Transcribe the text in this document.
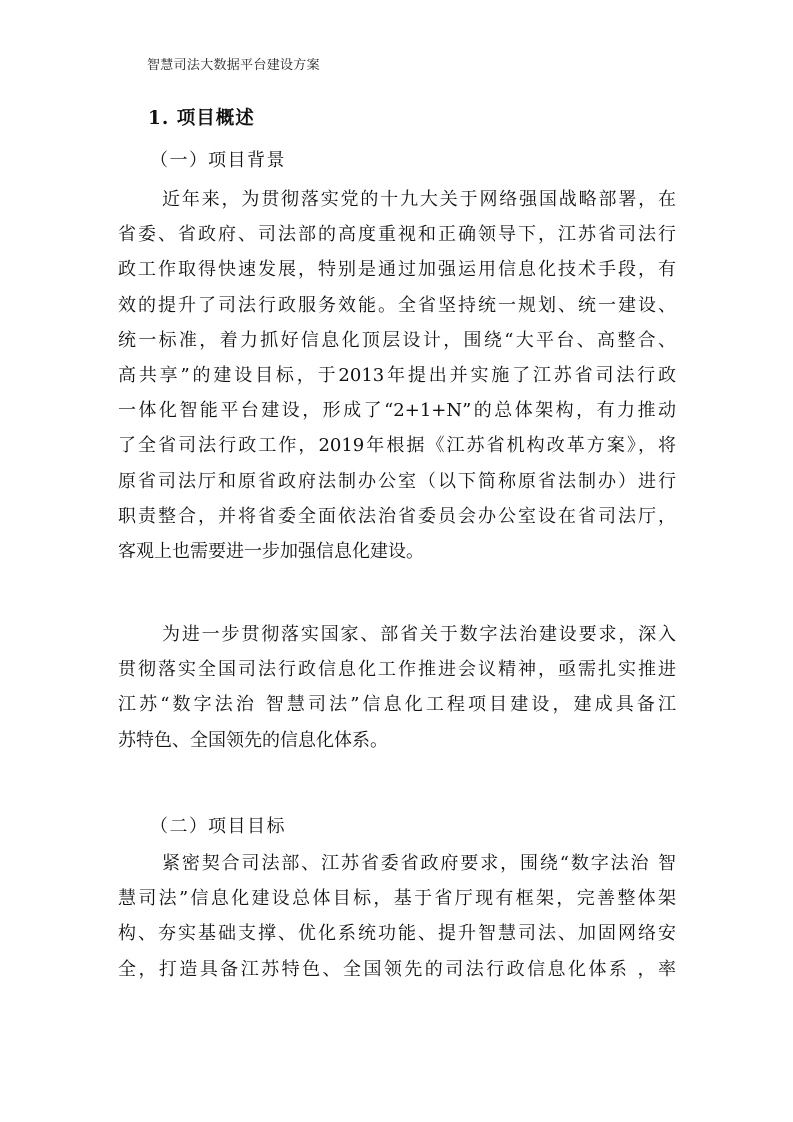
智慧司法大数据平台建设方案
1. 项目概述
（一）项目背景
近年来，为贯彻落实党的十九大关于网络强国战略部署，在
省委、省政府、司法部的高度重视和正确领导下，江苏省司法行
政工作取得快速发展，特别是通过加强运用信息化技术手段，有
效的提升了司法行政服务效能。全省坚持统一规划、统一建设、
统一标准，着力抓好信息化顶层设计，围绕“大平台、高整合、
高共享”的建设目标，于2013年提出并实施了江苏省司法行政
一体化智能平台建设，形成了“2+1+N”的总体架构，有力推动
了全省司法行政工作，2019年根据《江苏省机构改革方案》，将
原省司法厅和原省政府法制办公室（以下简称原省法制办）进行
职责整合，并将省委全面依法治省委员会办公室设在省司法厅，
客观上也需要进一步加强信息化建设。
为进一步贯彻落实国家、部省关于数字法治建设要求，深入
贯彻落实全国司法行政信息化工作推进会议精神，亟需扎实推进
江苏“数字法治 智慧司法”信息化工程项目建设，建成具备江
苏特色、全国领先的信息化体系。
（二）项目目标
紧密契合司法部、江苏省委省政府要求，围绕“数字法治 智
慧司法”信息化建设总体目标，基于省厅现有框架，完善整体架
构、夯实基础支撑、优化系统功能、提升智慧司法、加固网络安
全，打造具备江苏特色、全国领先的司法行政信息化体系 ，率
